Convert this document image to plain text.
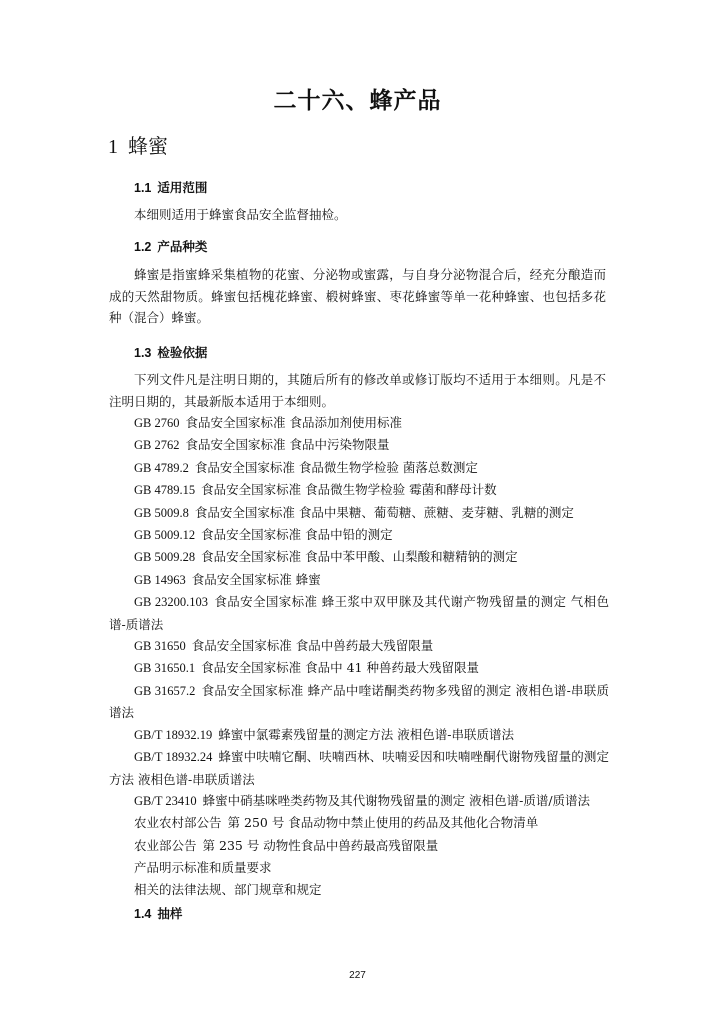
二十六、蜂产品
1 蜂蜜
1.1 适用范围

本细则适用于蜂蜜食品安全监督抽检。

1.2 产品种类

蜂蜜是指蜜蜂采集植物的花蜜、分泌物或蜜露，与自身分泌物混合后，经充分酿造而成的天然甜物质。蜂蜜包括槐花蜂蜜、椴树蜂蜜、枣花蜂蜜等单一花种蜂蜜、也包括多花种（混合）蜂蜜。

1.3 检验依据

下列文件凡是注明日期的，其随后所有的修改单或修订版均不适用于本细则。凡是不注明日期的，其最新版本适用于本细则。

GB 2760 食品安全国家标准 食品添加剂使用标准
GB 2762 食品安全国家标准 食品中污染物限量
GB 4789.2 食品安全国家标准 食品微生物学检验 菌落总数测定
GB 4789.15 食品安全国家标准 食品微生物学检验 霉菌和酵母计数
GB 5009.8 食品安全国家标准 食品中果糖、葡萄糖、蔗糖、麦芽糖、乳糖的测定
GB 5009.12 食品安全国家标准 食品中铅的测定
GB 5009.28 食品安全国家标准 食品中苯甲酸、山梨酸和糖精钠的测定
GB 14963 食品安全国家标准 蜂蜜
GB 23200.103 食品安全国家标准 蜂王浆中双甲脒及其代谢产物残留量的测定 气相色谱-质谱法
GB 31650 食品安全国家标准 食品中兽药最大残留限量
GB 31650.1 食品安全国家标准 食品中 41 种兽药最大残留限量
GB 31657.2 食品安全国家标准 蜂产品中喹诺酮类药物多残留的测定 液相色谱-串联质谱法
GB/T 18932.19 蜂蜜中氯霉素残留量的测定方法 液相色谱-串联质谱法
GB/T 18932.24 蜂蜜中呋喃它酮、呋喃西林、呋喃妥因和呋喃唑酮代谢物残留量的测定方法 液相色谱-串联质谱法
GB/T 23410 蜂蜜中硝基咪唑类药物及其代谢物残留量的测定 液相色谱-质谱/质谱法
农业农村部公告 第 250 号 食品动物中禁止使用的药品及其他化合物清单
农业部公告 第 235 号 动物性食品中兽药最高残留限量
产品明示标准和质量要求
相关的法律法规、部门规章和规定
1.4 抽样
227
